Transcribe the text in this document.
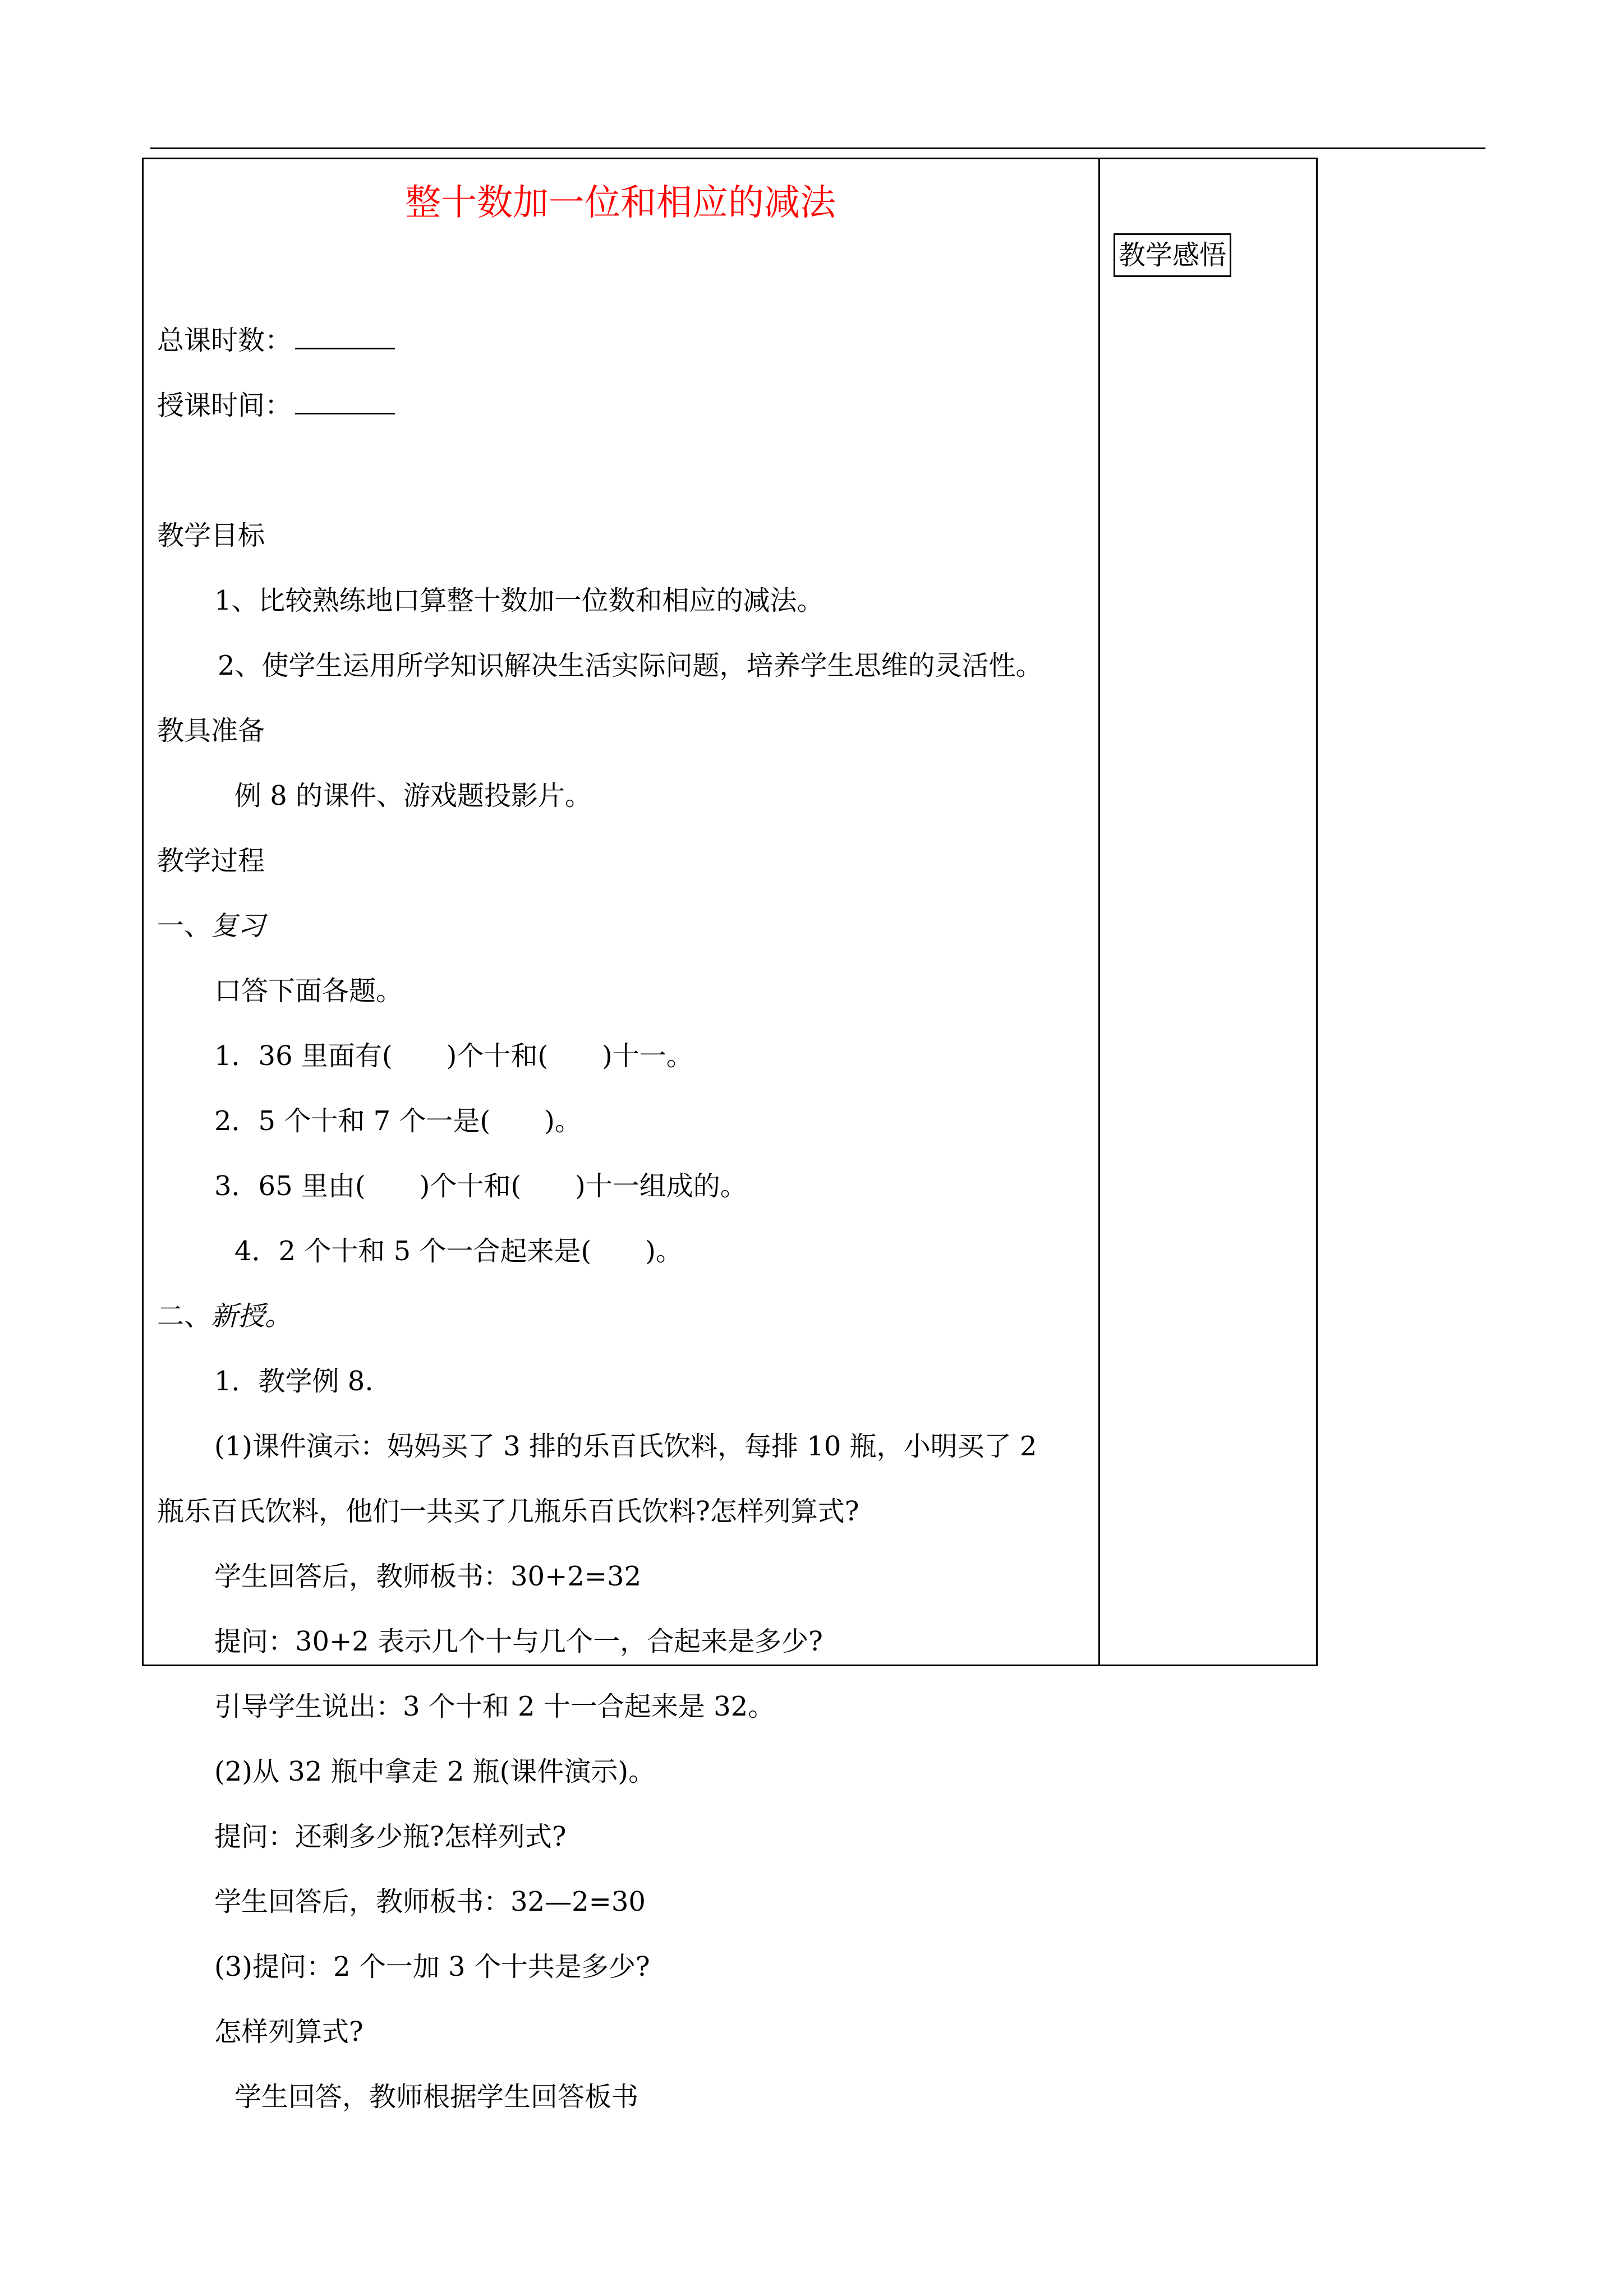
整十数加一位和相应的减法
教学感悟
总课时数：
授课时间：
教学目标
1、比较熟练地口算整十数加一位数和相应的减法。
2、使学生运用所学知识解决生活实际问题，培养学生思维的灵活性。
教具准备
例 8 的课件、游戏题投影片。
教学过程
一、复习
口答下面各题。
1．36 里面有(　　)个十和(　　)十一。
2．5 个十和 7 个一是(　　)。
3．65 里由(　　)个十和(　　)十一组成的。
4．2 个十和 5 个一合起来是(　　)。
二、新授。
1．教学例 8.
(1)课件演示：妈妈买了 3 排的乐百氏饮料，每排 10 瓶，小明买了 2
瓶乐百氏饮料，他们一共买了几瓶乐百氏饮料?怎样列算式?
学生回答后，教师板书：30+2=32
提问：30+2 表示几个十与几个一，合起来是多少?
引导学生说出：3 个十和 2 十一合起来是 32。
(2)从 32 瓶中拿走 2 瓶(课件演示)。
提问：还剩多少瓶?怎样列式?
学生回答后，教师板书：32—2=30
(3)提问：2 个一加 3 个十共是多少?
怎样列算式?
学生回答，教师根据学生回答板书
